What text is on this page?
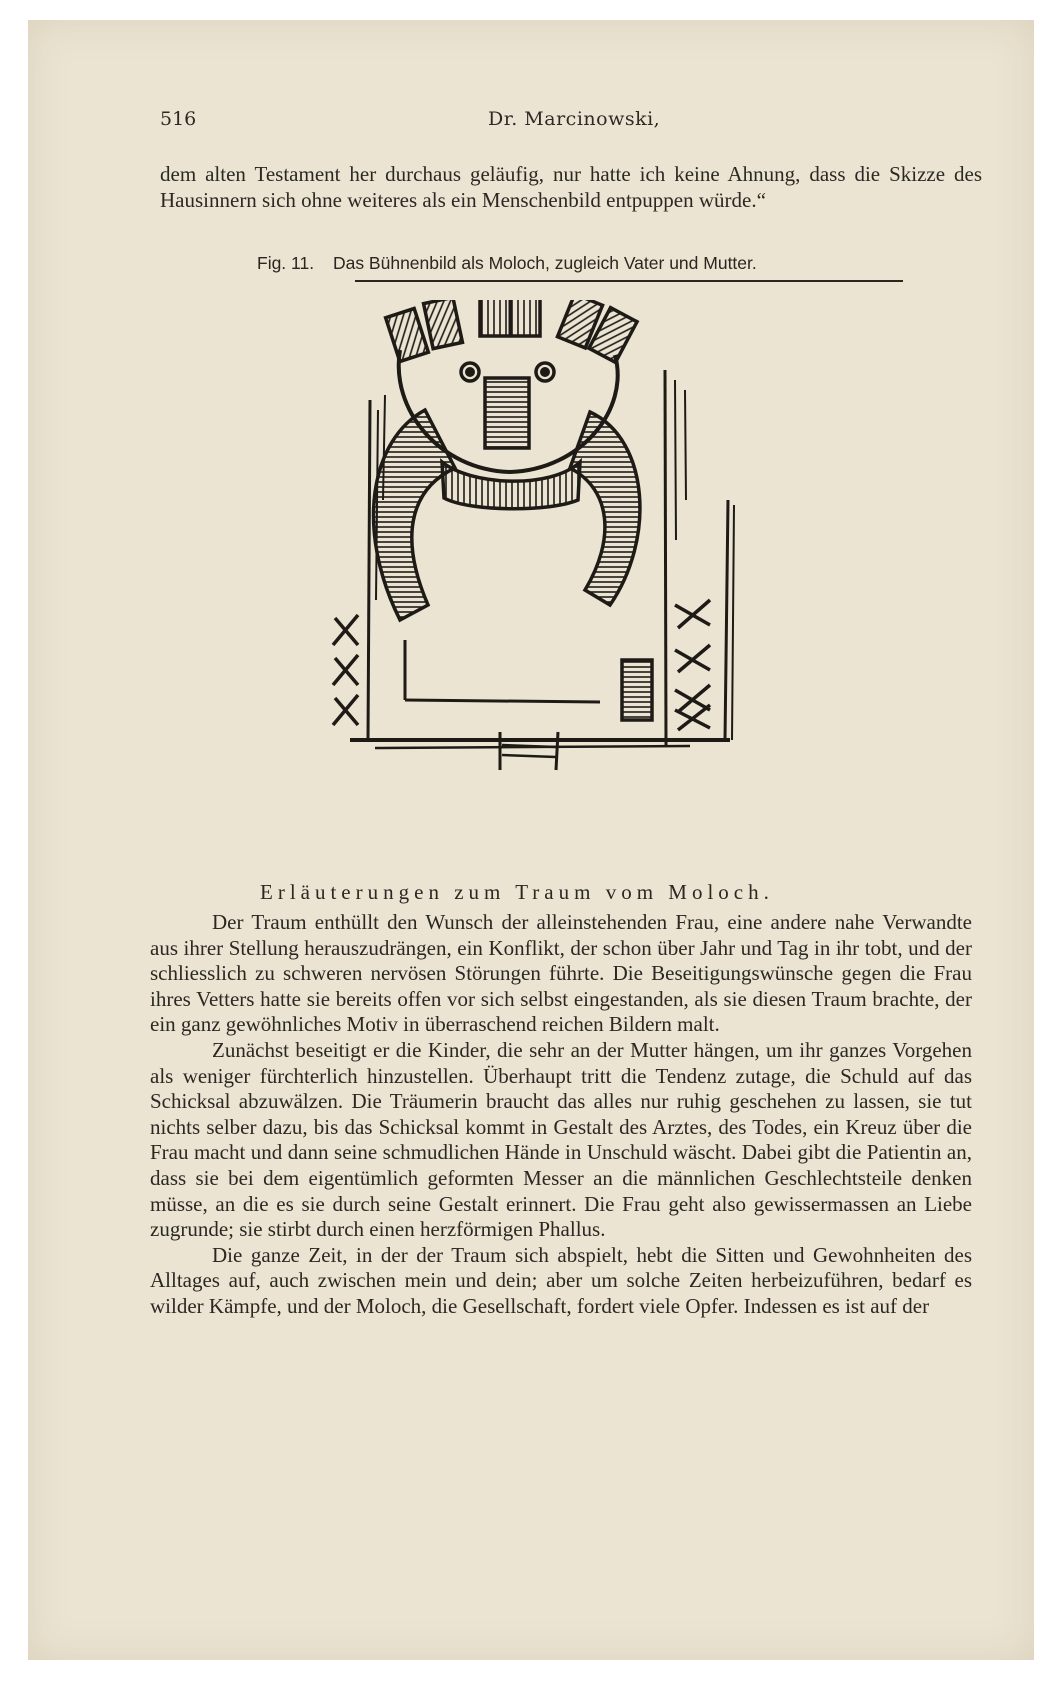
516	Dr. Marcinowski,

dem alten Testament her durchaus geläufig, nur hatte ich keine Ahnung, dass die Skizze des Hausinnern sich ohne weiteres als ein Menschenbild entpuppen würde.“

Fig. 11. Das Bühnenbild als Moloch, zugleich Vater und Mutter.
Erläuterungen zum Traum vom Moloch.

Der Traum enthüllt den Wunsch der alleinstehenden Frau, eine andere nahe Verwandte aus ihrer Stellung herauszudrängen, ein Konflikt, der schon über Jahr und Tag in ihr tobt, und der schliesslich zu schweren nervösen Störungen führte. Die Beseitigungswünsche gegen die Frau ihres Vetters hatte sie bereits offen vor sich selbst eingestanden, als sie diesen Traum brachte, der ein ganz gewöhnliches Motiv in überraschend reichen Bildern malt.

Zunächst beseitigt er die Kinder, die sehr an der Mutter hängen, um ihr ganzes Vorgehen als weniger fürchterlich hinzustellen. Überhaupt tritt die Tendenz zutage, die Schuld auf das Schicksal abzuwälzen. Die Träumerin braucht das alles nur ruhig geschehen zu lassen, sie tut nichts selber dazu, bis das Schicksal kommt in Gestalt des Arztes, des Todes, ein Kreuz über die Frau macht und dann seine schmudlichen Hände in Unschuld wäscht. Dabei gibt die Patientin an, dass sie bei dem eigentümlich geformten Messer an die männlichen Geschlechtsteile denken müsse, an die es sie durch seine Gestalt erinnert. Die Frau geht also gewissermassen an Liebe zugrunde; sie stirbt durch einen herzförmigen Phallus.

Die ganze Zeit, in der der Traum sich abspielt, hebt die Sitten und Gewohnheiten des Alltages auf, auch zwischen mein und dein; aber um solche Zeiten herbeizuführen, bedarf es wilder Kämpfe, und der Moloch, die Gesellschaft, fordert viele Opfer. Indessen es ist auf der
